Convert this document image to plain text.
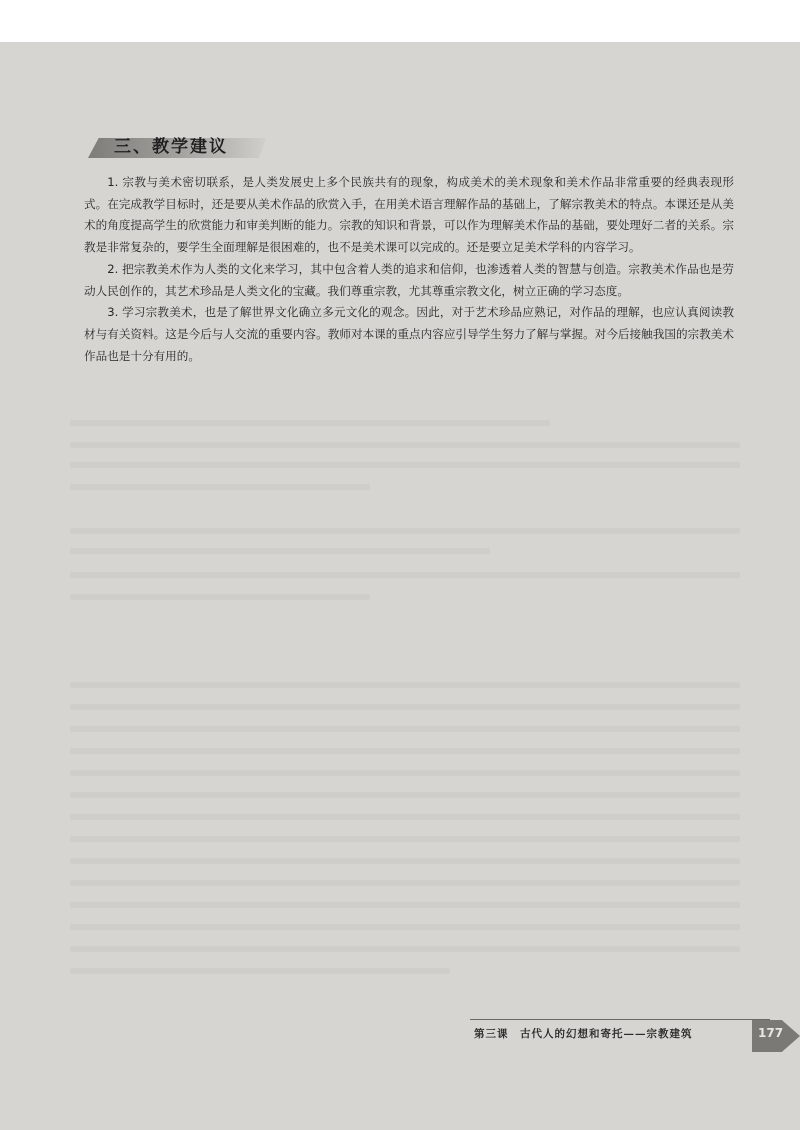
三、教学建议

1. 宗教与美术密切联系，是人类发展史上多个民族共有的现象，构成美术的美术现象和美术作品非常重要的经典表现形式。在完成教学目标时，还是要从美术作品的欣赏入手，在用美术语言理解作品的基础上，了解宗教美术的特点。本课还是从美术的角度提高学生的欣赏能力和审美判断的能力。宗教的知识和背景，可以作为理解美术作品的基础，要处理好二者的关系。宗教是非常复杂的，要学生全面理解是很困难的，也不是美术课可以完成的。还是要立足美术学科的内容学习。

2. 把宗教美术作为人类的文化来学习，其中包含着人类的追求和信仰，也渗透着人类的智慧与创造。宗教美术作品也是劳动人民创作的，其艺术珍品是人类文化的宝藏。我们尊重宗教，尤其尊重宗教文化，树立正确的学习态度。

3. 学习宗教美术，也是了解世界文化确立多元文化的观念。因此，对于艺术珍品应熟记，对作品的理解，也应认真阅读教材与有关资料。这是今后与人交流的重要内容。教师对本课的重点内容应引导学生努力了解与掌握。对今后接触我国的宗教美术作品也是十分有用的。

第三课　古代人的幻想和寄托——宗教建筑	177
